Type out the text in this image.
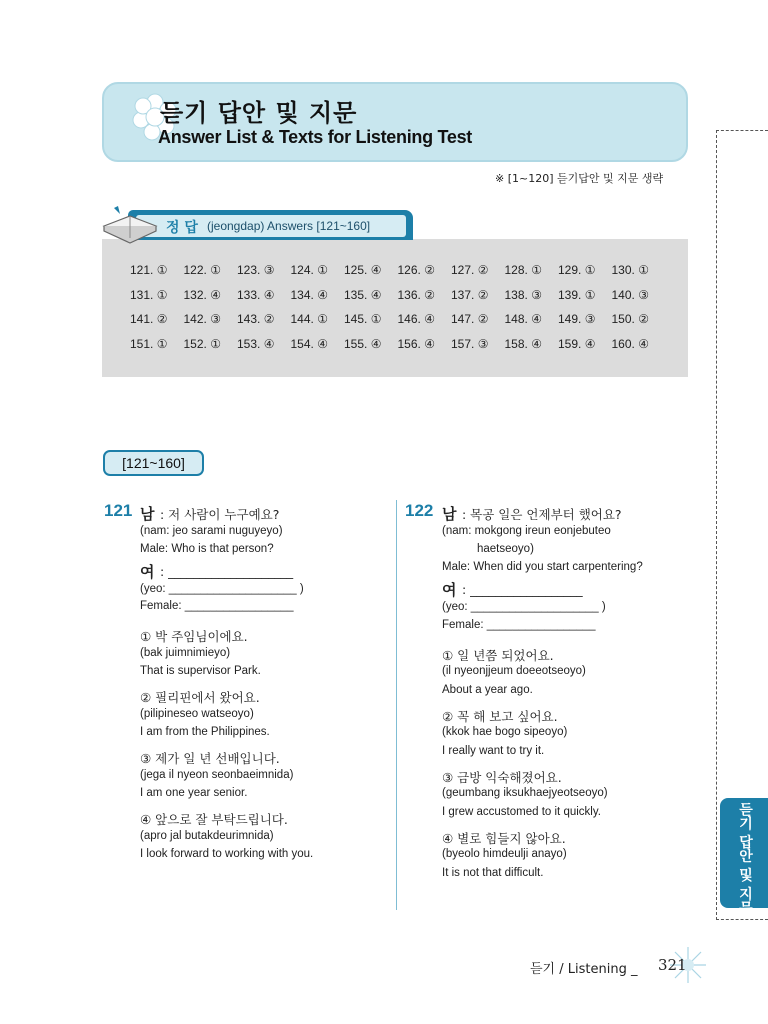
듣기 답안 및 지문
Answer List & Texts for Listening Test
※ [1~120] 듣기답안 및 지문 생략
정 답 (jeongdap) Answers [121~160]
121. ①	122. ①	123. ③	124. ①	125. ④	126. ②	127. ②	128. ①	129. ①	130. ①
131. ①	132. ④	133. ④	134. ④	135. ④	136. ②	137. ②	138. ③	139. ①	140. ③
141. ②	142. ③	143. ②	144. ①	145. ①	146. ④	147. ②	148. ④	149. ③	150. ②
151. ①	152. ①	153. ④	154. ④	155. ④	156. ④	157. ③	158. ④	159. ④	160. ④
[121~160]
121 남 : 저 사람이 누구예요?
(nam: jeo sarami nuguyeyo)
Male: Who is that person?
여 : ____________________
(yeo: ____________________ )
Female: _________________
① 박 주임님이에요.
(bak juimnimieyo)
That is supervisor Park.
② 필리핀에서 왔어요.
(pilipineseo watseoyo)
I am from the Philippines.
③ 제가 일 년 선배입니다.
(jega il nyeon seonbaeimnida)
I am one year senior.
④ 앞으로 잘 부탁드립니다.
(apro jal butakdeurimnida)
I look forward to working with you.
122 남 : 목공 일은 언제부터 했어요?
(nam: mokgong ireun eonjebuteo
haetseoyo)
Male: When did you start carpentering?
여 : __________________
(yeo: ____________________ )
Female: _________________
① 일 년쯤 되었어요.
(il nyeonjjeum doeeotseoyo)
About a year ago.
② 꼭 해 보고 싶어요.
(kkok hae bogo sipeoyo)
I really want to try it.
③ 금방 익숙해졌어요.
(geumbang iksukhaejyeotseoyo)
I grew accustomed to it quickly.
④ 별로 힘들지 않아요.
(byeolo himdeulji anayo)
It is not that difficult.	듣기 답안 및 지문
듣기 / Listening _ 321
